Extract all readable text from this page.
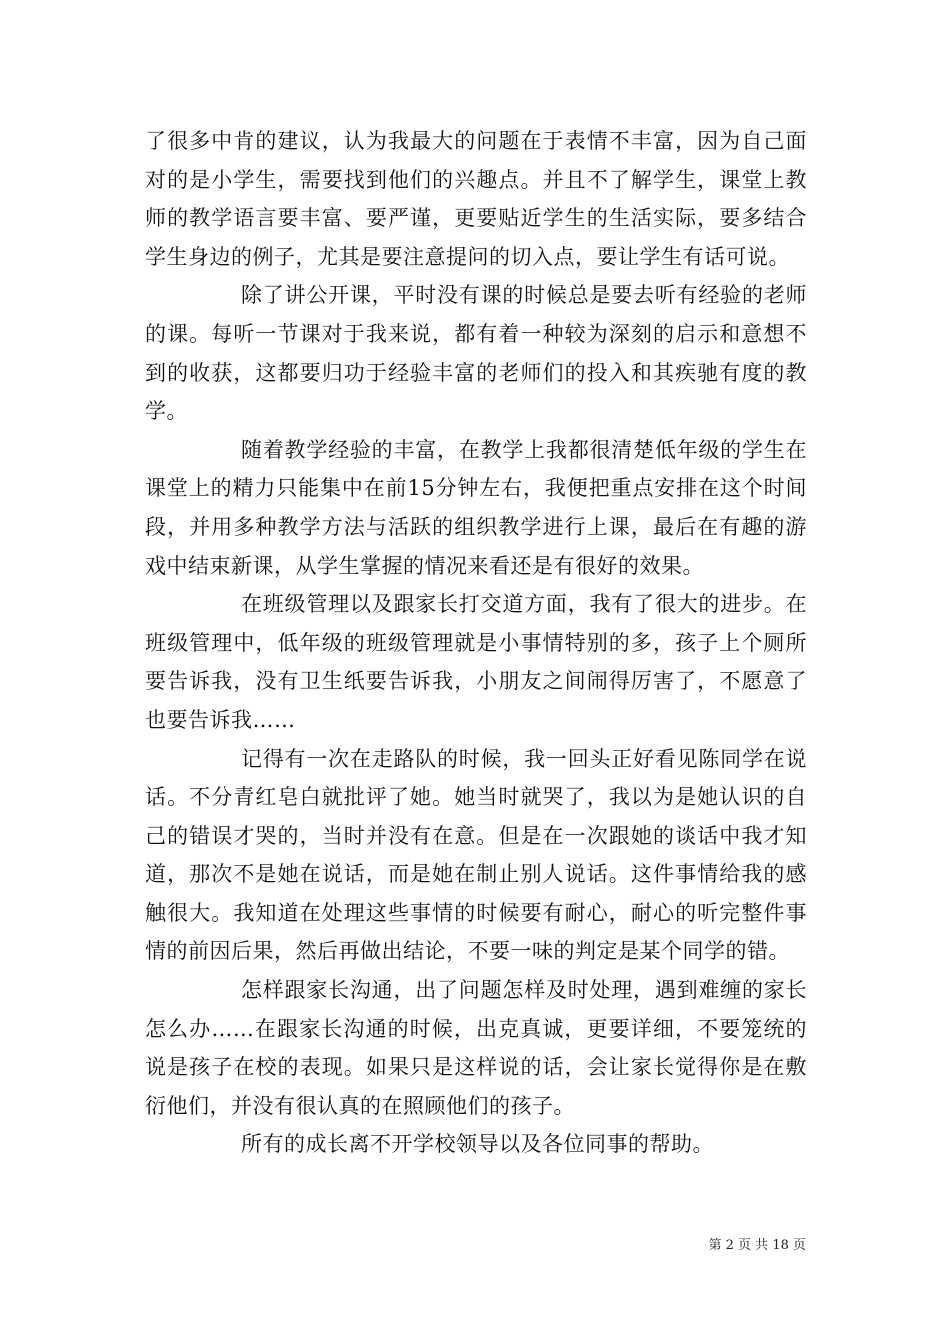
了很多中肯的建议，认为我最大的问题在于表情不丰富，因为自己面对的是小学生，需要找到他们的兴趣点。并且不了解学生，课堂上教师的教学语言要丰富、要严谨，更要贴近学生的生活实际，要多结合学生身边的例子，尤其是要注意提问的切入点，要让学生有话可说。

除了讲公开课，平时没有课的时候总是要去听有经验的老师的课。每听一节课对于我来说，都有着一种较为深刻的启示和意想不到的收获，这都要归功于经验丰富的老师们的投入和其疾驰有度的教学。

随着教学经验的丰富，在教学上我都很清楚低年级的学生在课堂上的精力只能集中在前15分钟左右，我便把重点安排在这个时间段，并用多种教学方法与活跃的组织教学进行上课，最后在有趣的游戏中结束新课，从学生掌握的情况来看还是有很好的效果。

在班级管理以及跟家长打交道方面，我有了很大的进步。在班级管理中，低年级的班级管理就是小事情特别的多，孩子上个厕所要告诉我，没有卫生纸要告诉我，小朋友之间闹得厉害了，不愿意了也要告诉我……

记得有一次在走路队的时候，我一回头正好看见陈同学在说话。不分青红皂白就批评了她。她当时就哭了，我以为是她认识的自己的错误才哭的，当时并没有在意。但是在一次跟她的谈话中我才知道，那次不是她在说话，而是她在制止别人说话。这件事情给我的感触很大。我知道在处理这些事情的时候要有耐心，耐心的听完整件事情的前因后果，然后再做出结论，不要一味的判定是某个同学的错。

怎样跟家长沟通，出了问题怎样及时处理，遇到难缠的家长怎么办……在跟家长沟通的时候，出克真诚，更要详细，不要笼统的说是孩子在校的表现。如果只是这样说的话，会让家长觉得你是在敷衍他们，并没有很认真的在照顾他们的孩子。

所有的成长离不开学校领导以及各位同事的帮助。

第 2 页 共 18 页
